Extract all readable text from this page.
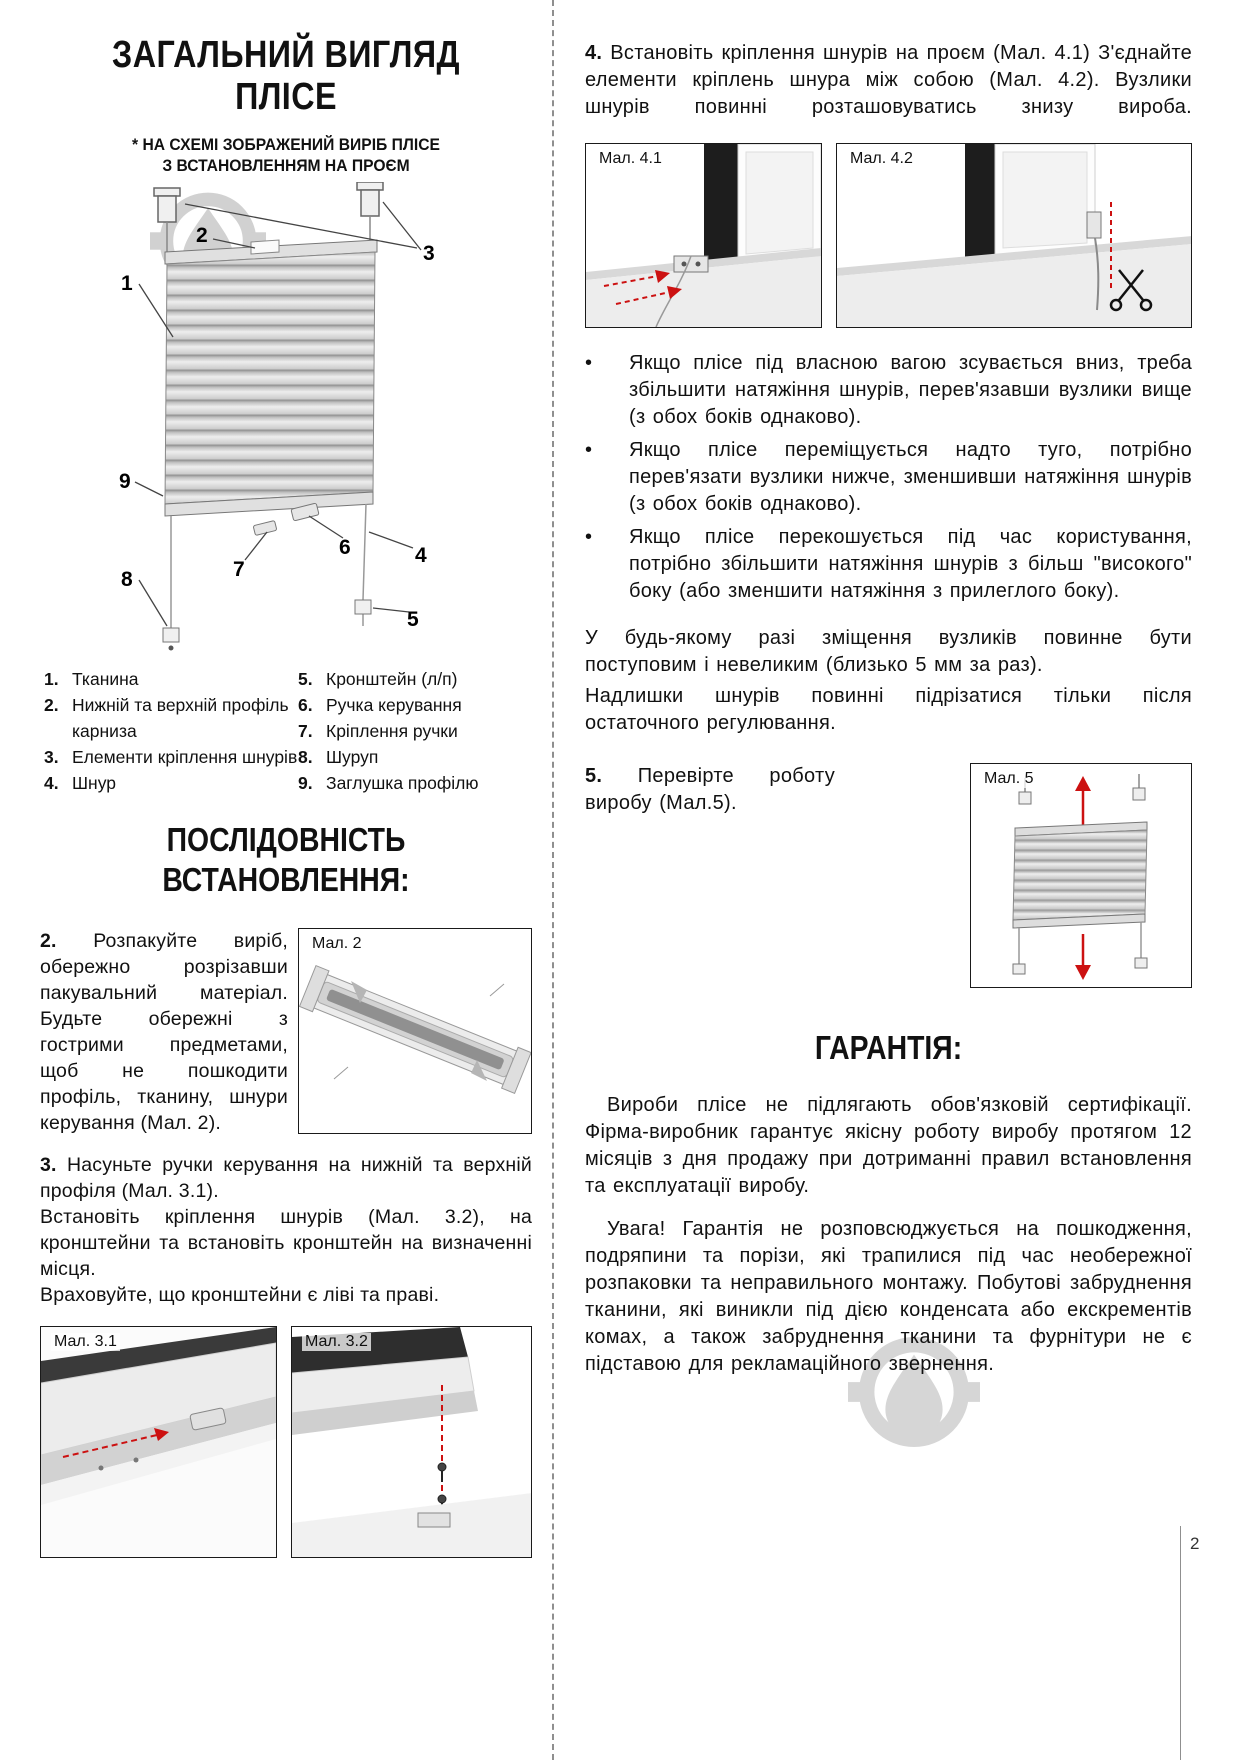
ЗАГАЛЬНИЙ ВИГЛЯД
ПЛІСЕ
* НА СХЕМІ ЗОБРАЖЕНИЙ ВИРІБ ПЛІСЕ
З ВСТАНОВЛЕННЯМ НА ПРОЄМ
1
2
3
9
7
6	4
8
5
1. Тканина
2. Нижній та верхній профіль карниза
3. Елементи кріплення шнурів
4. Шнур
5. Кронштейн (л/п)
6. Ручка керування
7. Кріплення ручки
8. Шуруп
9. Заглушка профілю
ПОСЛІДОВНІСТЬ ВСТАНОВЛЕННЯ:

2. Розпакуйте виріб, обережно розрізавши пакувальний матеріал. Будьте обережні з гострими предметами, щоб не пошкодити профіль, тканину, шнури керування (Мал. 2).

Мал. 2

3. Насуньте ручки керування на нижній та верхній профіля (Мал. 3.1).

Встановіть кріплення шнурів (Мал. 3.2), на кронштейни та встановіть кронштейн на визначенні місця.

Враховуйте, що кронштейни є ліві та праві.

Мал. 3.1	Мал. 3.2

4. Встановіть кріплення шнурів на проєм (Мал. 4.1) З'єднайте елементи кріплень шнура між собою (Мал. 4.2). Вузлики шнурів повинні розташовуватись знизу вироба.

Мал. 4.1	Мал. 4.2
•	Якщо плісе під власною вагою зсувається вниз, треба збільшити натяжіння шнурів, перев'язавши вузлики вище (з обох боків однаково).

•	Якщо плісе переміщується надто туго, потрібно перев'язати вузлики нижче, зменшивши натяжіння шнурів (з обох боків однаково).

•	Якщо плісе перекошується під час користування, потрібно збільшити натяжіння шнурів з більш "високого" боку (або зменшити натяжіння з прилеглого боку).

У будь-якому разі зміщення вузликів повинне бути поступовим і невеликим (близько 5 мм за раз).

Надлишки шнурів повинні підрізатися тільки після остаточного регулювання.

5. Перевірте роботу виробу (Мал.5).

Мал. 5
ГАРАНТІЯ:

Вироби плісе не підлягають обов'язковій сертифікації. Фірма-виробник гарантує якісну роботу виробу протягом 12 місяців з дня продажу при дотриманні правил встановлення та експлуатації виробу.

Увага! Гарантія не розповсюджується на пошкодження, подряпини та порізи, які трапилися під час необережної розпаковки та неправильного монтажу. Побутові забруднення тканини, які виникли під дією конденсата або екскрементів комах, а також забруднення тканини та фурнітури не є підставою для рекламаційного звернення.

2
